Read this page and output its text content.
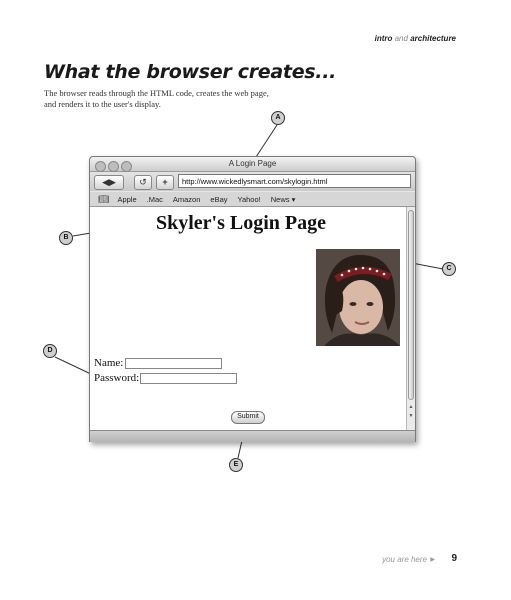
intro and architecture
What the browser creates...
The browser reads through the HTML code, creates the web page, and renders it to the user's display.
A
B
C
D
E
A Login Page
◀▶	↺	+	http://www.wickedlysmart.com/skylogin.html
📖︎ Apple .Mac Amazon eBay Yahoo! News ▾
Skyler's Login Page
Name:
Password:
Submit
▲
▼
you are here ▶ 9
